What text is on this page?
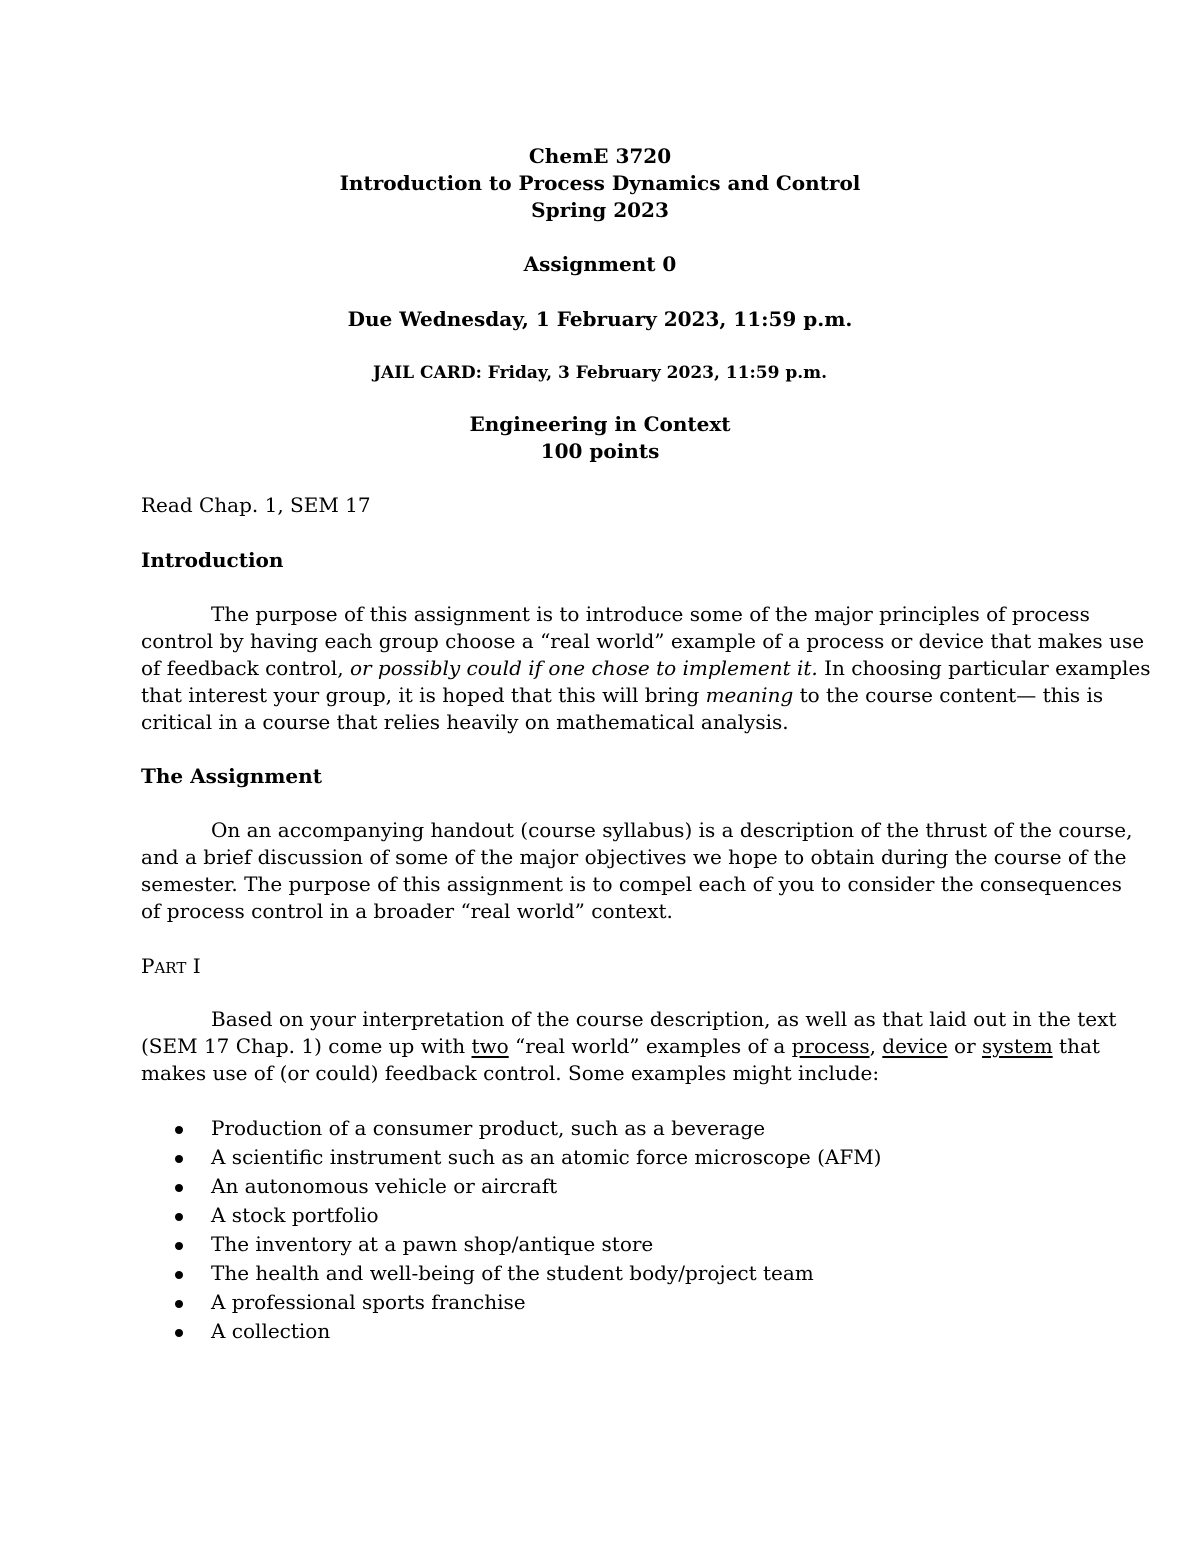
ChemE 3720
Introduction to Process Dynamics and Control
Spring 2023
Assignment 0
Due Wednesday, 1 February 2023, 11:59 p.m.
JAIL CARD: Friday, 3 February 2023, 11:59 p.m.
Engineering in Context
100 points
Read Chap. 1, SEM 17
Introduction
The purpose of this assignment is to introduce some of the major principles of process
control by having each group choose a “real world” example of a process or device that makes use
of feedback control, or possibly could if one chose to implement it. In choosing particular examples
that interest your group, it is hoped that this will bring meaning to the course content— this is
critical in a course that relies heavily on mathematical analysis.
The Assignment
On an accompanying handout (course syllabus) is a description of the thrust of the course,
and a brief discussion of some of the major objectives we hope to obtain during the course of the
semester. The purpose of this assignment is to compel each of you to consider the consequences
of process control in a broader “real world” context.
PART I
Based on your interpretation of the course description, as well as that laid out in the text
(SEM 17 Chap. 1) come up with two “real world” examples of a process, device or system that
makes use of (or could) feedback control. Some examples might include:
Production of a consumer product, such as a beverage
A scientific instrument such as an atomic force microscope (AFM)
An autonomous vehicle or aircraft
A stock portfolio
The inventory at a pawn shop/antique store
The health and well-being of the student body/project team
A professional sports franchise
A collection
